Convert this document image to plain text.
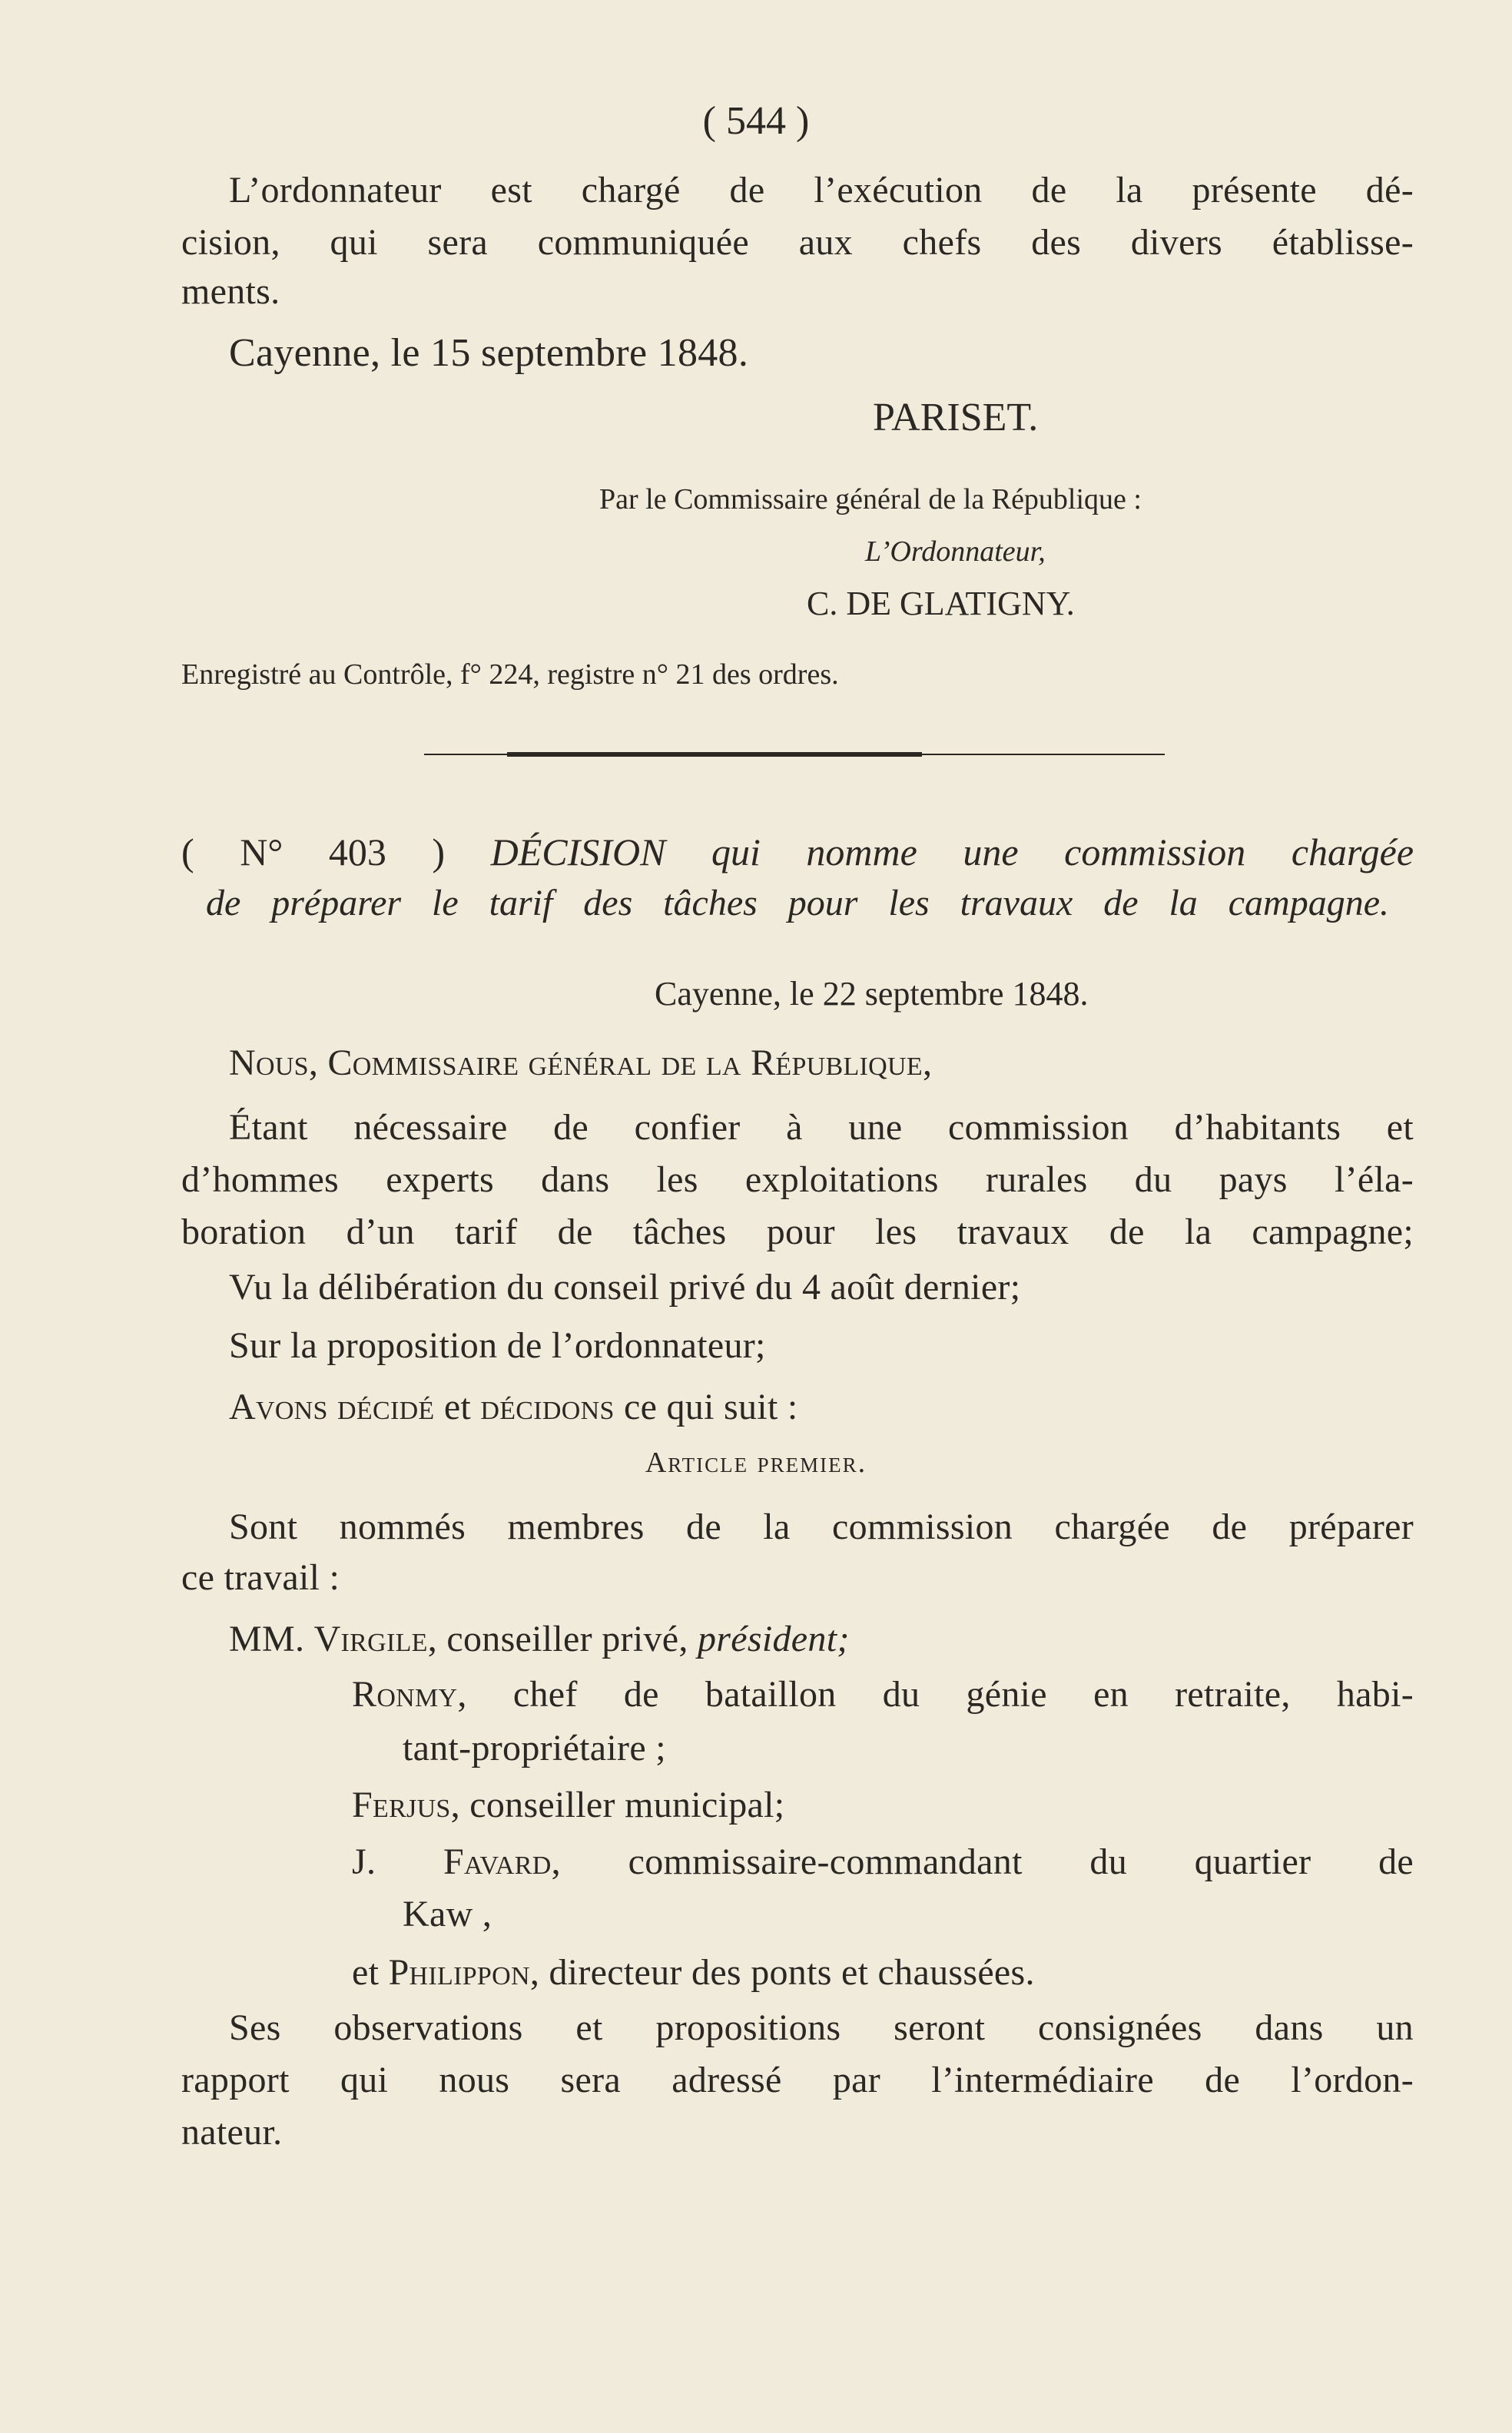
( 544 )

L’ordonnateur est chargé de l’exécution de la présente dé-

cision, qui sera communiquée aux chefs des divers établisse-

ments.

Cayenne, le 15 septembre 1848.

PARISET.

Par le Commissaire général de la République :

L’Ordonnateur,

C. DE GLATIGNY.

Enregistré au Contrôle, f° 224, registre n° 21 des ordres.

( N° 403 ) DÉCISION qui nomme une commission chargée

de préparer le tarif des tâches pour les travaux de la campagne.

Cayenne, le 22 septembre 1848.

Nous, Commissaire général de la République,

Étant nécessaire de confier à une commission d’habitants et

d’hommes experts dans les exploitations rurales du pays l’éla-

boration d’un tarif de tâches pour les travaux de la campagne;

Vu la délibération du conseil privé du 4 août dernier;

Sur la proposition de l’ordonnateur;

Avons décidé et décidons ce qui suit :

Article premier.

Sont nommés membres de la commission chargée de préparer

ce travail :

MM. Virgile, conseiller privé, président;

Ronmy, chef de bataillon du génie en retraite, habi-

tant-propriétaire ;

Ferjus, conseiller municipal;

J. Favard, commissaire-commandant du quartier de

Kaw ,

et Philippon, directeur des ponts et chaussées.

Ses observations et propositions seront consignées dans un

rapport qui nous sera adressé par l’intermédiaire de l’ordon-

nateur.
